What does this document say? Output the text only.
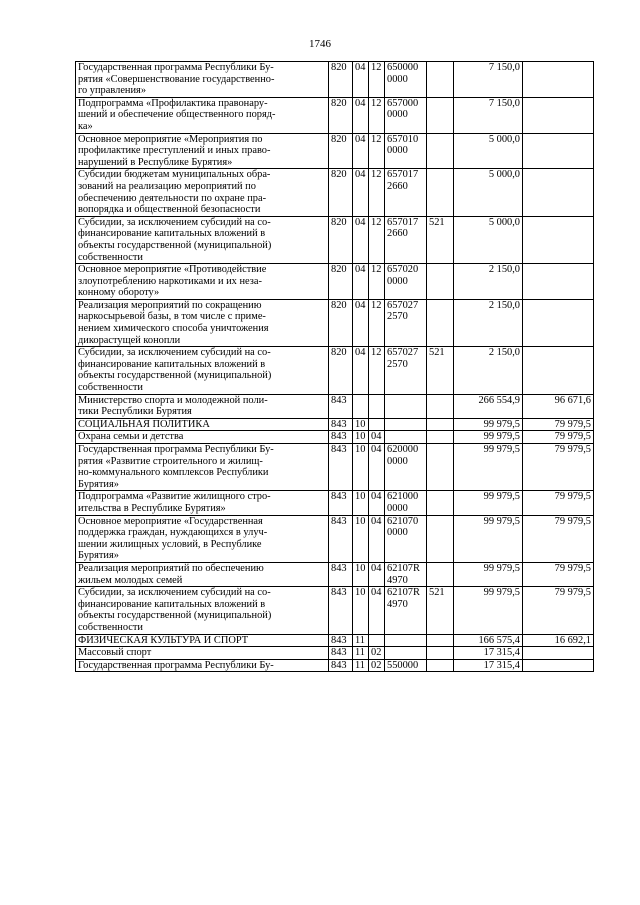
1746
Государственная программа Республики Бу-
рятия «Совершенствование государственно-
го управления»	820	04	12	650000
0000		7 150,0	
Подпрограмма «Профилактика правонару-
шений и обеспечение общественного поряд-
ка»	820	04	12	657000
0000		7 150,0	
Основное мероприятие «Мероприятия по
профилактике преступлений и иных право-
нарушений в Республике Бурятия»	820	04	12	657010
0000		5 000,0	
Субсидии бюджетам муниципальных обра-
зований на реализацию мероприятий по
обеспечению деятельности по охране пра-
вопорядка и общественной безопасности	820	04	12	657017
2660		5 000,0	
Субсидии, за исключением субсидий на со-
финансирование капитальных вложений в
объекты государственной (муниципальной)
собственности	820	04	12	657017
2660	521	5 000,0	
Основное мероприятие «Противодействие
злоупотреблению наркотиками и их неза-
конному обороту»	820	04	12	657020
0000		2 150,0	
Реализация мероприятий по сокращению
наркосырьевой базы, в том числе с приме-
нением химического способа уничтожения
дикорастущей конопли	820	04	12	657027
2570		2 150,0	
Субсидии, за исключением субсидий на со-
финансирование капитальных вложений в
объекты государственной (муниципальной)
собственности	820	04	12	657027
2570	521	2 150,0	
Министерство спорта и молодежной поли-
тики Республики Бурятия	843					266 554,9	96 671,6
СОЦИАЛЬНАЯ ПОЛИТИКА	843	10				99 979,5	79 979,5
Охрана семьи и детства	843	10	04			99 979,5	79 979,5
Государственная программа Республики Бу-
рятия «Развитие строительного и жилищ-
но-коммунального комплексов Республики
Бурятия»	843	10	04	620000
0000		99 979,5	79 979,5
Подпрограмма «Развитие жилищного стро-
ительства в Республике Бурятия»	843	10	04	621000
0000		99 979,5	79 979,5
Основное мероприятие «Государственная
поддержка граждан, нуждающихся в улуч-
шении жилищных условий, в Республике
Бурятия»	843	10	04	621070
0000		99 979,5	79 979,5
Реализация мероприятий по обеспечению
жильем молодых семей	843	10	04	62107R
4970		99 979,5	79 979,5
Субсидии, за исключением субсидий на со-
финансирование капитальных вложений в
объекты государственной (муниципальной)
собственности	843	10	04	62107R
4970	521	99 979,5	79 979,5
ФИЗИЧЕСКАЯ КУЛЬТУРА И СПОРТ	843	11				166 575,4	16 692,1
Массовый спорт	843	11	02			17 315,4	
Государственная программа Республики Бу-	843	11	02	550000		17 315,4	
